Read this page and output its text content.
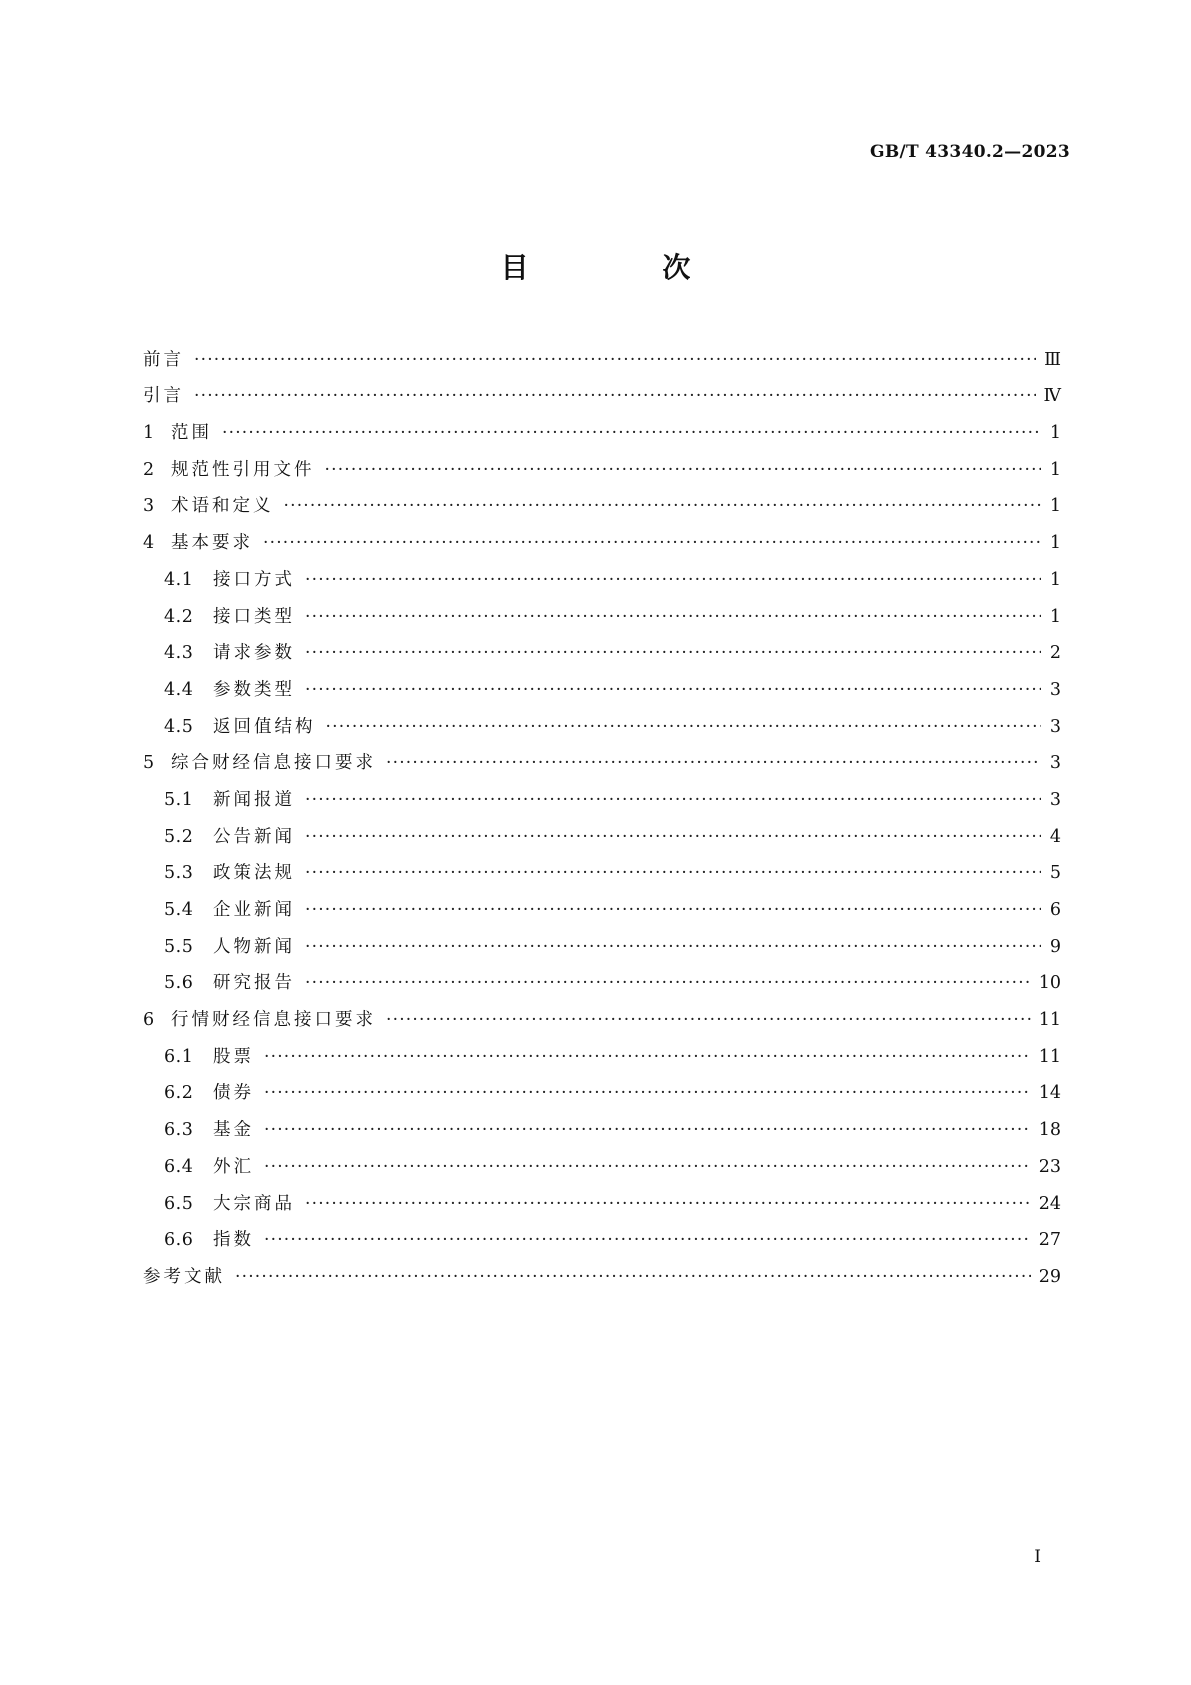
GB/T 43340.2—2023
目 次
前言 ·····	Ⅲ
引言 ·····	Ⅳ
1 范围 ·····	1
2 规范性引用文件 ·····	1
3 术语和定义 ·····	1
4 基本要求 ·····	1
4.1	接口方式 ·····	1
4.2	接口类型 ·····	1
4.3	请求参数 ·····	2
4.4	参数类型 ·····	3
4.5	返回值结构 ·····	3
5 综合财经信息接口要求 ·····	3
5.1	新闻报道 ·····	3
5.2	公告新闻 ·····	4
5.3	政策法规 ·····	5
5.4	企业新闻 ·····	6
5.5	人物新闻 ·····	9
5.6	研究报告 ·····	10
6 行情财经信息接口要求 ·····	11
6.1	股票 ·····	11
6.2	债券 ·····	14
6.3	基金 ·····	18
6.4	外汇 ·····	23
6.5	大宗商品 ·····	24
6.6	指数 ·····	27
参考文献 ·····	29
I
